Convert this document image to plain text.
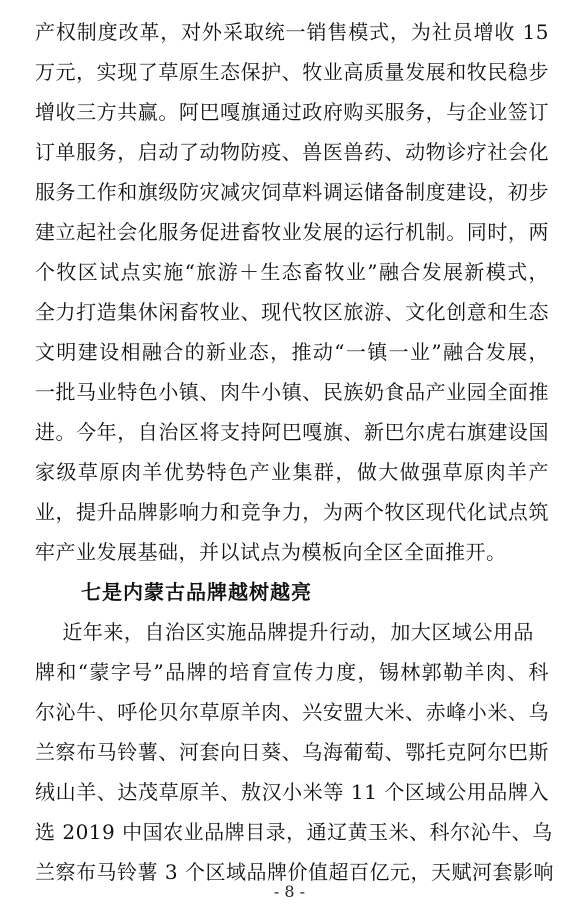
产权制度改革，对外采取统一销售模式，为社员增收 15
万元，实现了草原生态保护、牧业高质量发展和牧民稳步
增收三方共赢。阿巴嘎旗通过政府购买服务，与企业签订
订单服务，启动了动物防疫、兽医兽药、动物诊疗社会化
服务工作和旗级防灾减灾饲草料调运储备制度建设，初步
建立起社会化服务促进畜牧业发展的运行机制。同时，两
个牧区试点实施“旅游＋生态畜牧业”融合发展新模式，
全力打造集休闲畜牧业、现代牧区旅游、文化创意和生态
文明建设相融合的新业态，推动“一镇一业”融合发展，
一批马业特色小镇、肉牛小镇、民族奶食品产业园全面推
进。今年，自治区将支持阿巴嘎旗、新巴尔虎右旗建设国
家级草原肉羊优势特色产业集群，做大做强草原肉羊产
业，提升品牌影响力和竞争力，为两个牧区现代化试点筑
牢产业发展基础，并以试点为模板向全区全面推开。
七是内蒙古品牌越树越亮
近年来，自治区实施品牌提升行动，加大区域公用品
牌和“蒙字号”品牌的培育宣传力度，锡林郭勒羊肉、科
尔沁牛、呼伦贝尔草原羊肉、兴安盟大米、赤峰小米、乌
兰察布马铃薯、河套向日葵、乌海葡萄、鄂托克阿尔巴斯
绒山羊、达茂草原羊、敖汉小米等 11 个区域公用品牌入
选 2019 中国农业品牌目录，通辽黄玉米、科尔沁牛、乌
兰察布马铃薯 3 个区域品牌价值超百亿元，天赋河套影响
- 8 -
